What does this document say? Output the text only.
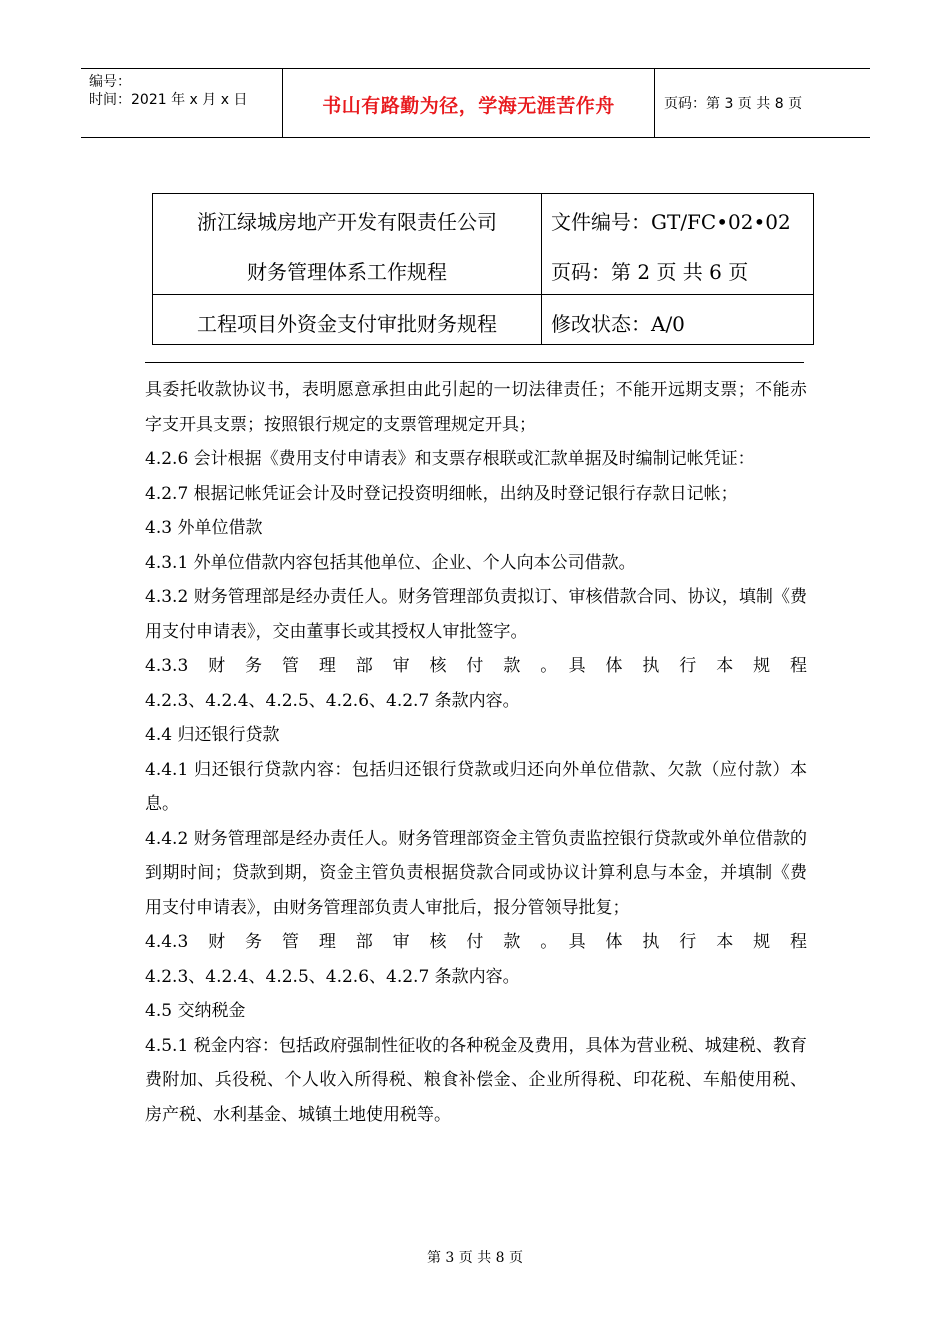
编号：
时间：2021 年 x 月 x 日	书山有路勤为径，学海无涯苦作舟	页码：第 3 页 共 8 页
浙江绿城房地产开发有限责任公司
财务管理体系工作规程
工程项目外资金支付审批财务规程
文件编号：GT/FC•02•02
页码：第 2 页 共 6 页
修改状态：A/0

具委托收款协议书，表明愿意承担由此引起的一切法律责任；不能开远期支票；不能赤字支开具支票；按照银行规定的支票管理规定开具；

4.2.6 会计根据《费用支付申请表》和支票存根联或汇款单据及时编制记帐凭证：

4.2.7 根据记帐凭证会计及时登记投资明细帐，出纳及时登记银行存款日记帐；

4.3 外单位借款

4.3.1 外单位借款内容包括其他单位、企业、个人向本公司借款。

4.3.2 财务管理部是经办责任人。财务管理部负责拟订、审核借款合同、协议，填制《费用支付申请表》，交由董事长或其授权人审批签字。

4.3.3　财　务　管　理　部　审　核　付　款　。　具　体　执　行　本　规　程

4.2.3、4.2.4、4.2.5、4.2.6、4.2.7 条款内容。

4.4 归还银行贷款

4.4.1 归还银行贷款内容：包括归还银行贷款或归还向外单位借款、欠款（应付款）本息。

4.4.2 财务管理部是经办责任人。财务管理部资金主管负责监控银行贷款或外单位借款的到期时间；贷款到期，资金主管负责根据贷款合同或协议计算利息与本金，并填制《费用支付申请表》，由财务管理部负责人审批后，报分管领导批复；

4.4.3　财　务　管　理　部　审　核　付　款　。　具　体　执　行　本　规　程

4.2.3、4.2.4、4.2.5、4.2.6、4.2.7 条款内容。

4.5 交纳税金

4.5.1 税金内容：包括政府强制性征收的各种税金及费用，具体为营业税、城建税、教育费附加、兵役税、个人收入所得税、粮食补偿金、企业所得税、印花税、车船使用税、房产税、水利基金、城镇土地使用税等。

第 3 页 共 8 页
